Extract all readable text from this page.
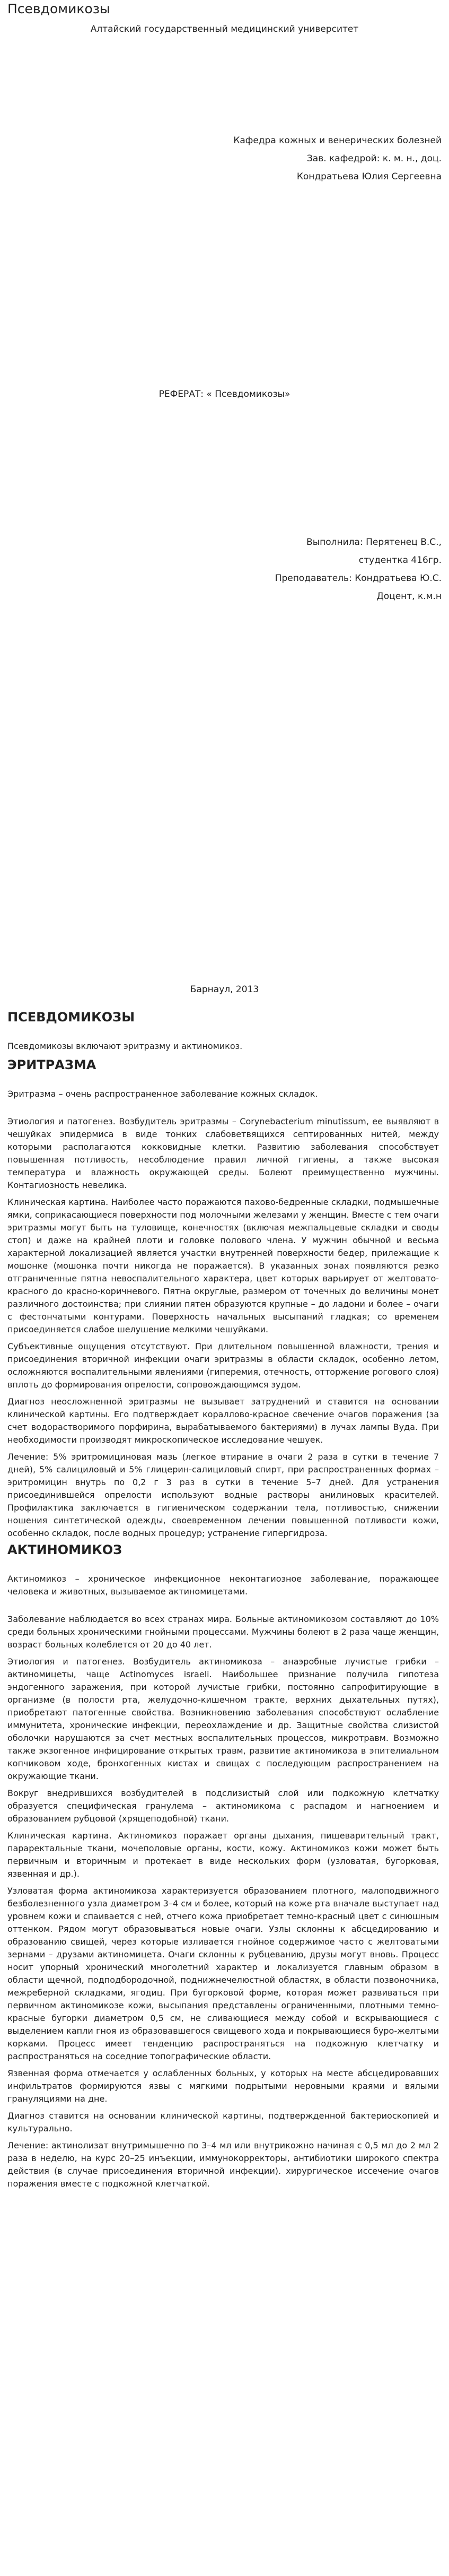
Псевдомикозы
Алтайский государственный медицинский университет
Кафедра кожных и венерических болезней
Зав. кафедрой: к. м. н., доц.
Кондратьева Юлия Сергеевна
РЕФЕРАТ: « Псевдомикозы»
Выполнила: Перятенец В.С.,
студентка 416гр.
Преподаватель: Кондратьева Ю.С.
Доцент, к.м.н
Барнаул, 2013
ПСЕВДОМИКОЗЫ

Псевдомикозы включают эритразму и актиномикоз.

ЭРИТРАЗМА

Эритразма – очень распространенное заболевание кожных складок.

Этиология и патогенез. Возбудитель эритразмы – Corynebacterium minutissum, ее выявляют в чешуйках эпидермиса в виде тонких слабоветвящихся септированных нитей, между которыми располагаются кокковидные клетки. Развитию заболевания способствует повышенная потливость, несоблюдение правил личной гигиены, а также высокая температура и влажность окружающей среды. Болеют преимущественно мужчины. Контагиозность невелика.

Клиническая картина. Наиболее часто поражаются пахово-бедренные складки, подмышечные ямки, соприкасающиеся поверхности под молочными железами у женщин. Вместе с тем очаги эритразмы могут быть на туловище, конечностях (включая межпальцевые складки и своды стоп) и даже на крайней плоти и головке полового члена. У мужчин обычной и весьма характерной локализацией является участки внутренней поверхности бедер, прилежащие к мошонке (мошонка почти никогда не поражается). В указанных зонах появляются резко отграниченные пятна невоспалительного характера, цвет которых варьирует от желтовато-красного до красно-коричневого. Пятна округлые, размером от точечных до величины монет различного достоинства; при слиянии пятен образуются крупные – до ладони и более – очаги с фестончатыми контурами. Поверхность начальных высыпаний гладкая; со временем присоединяется слабое шелушение мелкими чешуйками.

Субъективные ощущения отсутствуют. При длительном повышенной влажности, трения и присоединения вторичной инфекции очаги эритразмы в области складок, особенно летом, осложняются воспалительными явлениями (гиперемия, отечность, отторжение рогового слоя) вплоть до формирования опрелости, сопровождающимся зудом.

Диагноз неосложненной эритразмы не вызывает затруднений и ставится на основании клинической картины. Его подтверждает кораллово-красное свечение очагов поражения (за счет водорастворимого порфирина, вырабатываемого бактериями) в лучах лампы Вуда. При необходимости производят микроскопическое исследование чешуек.

Лечение: 5% эритромициновая мазь (легкое втирание в очаги 2 раза в сутки в течение 7 дней), 5% салициловый и 5% глицерин-салициловый спирт, при распространенных формах – эритромицин внутрь по 0,2 г 3 раз в сутки в течение 5–7 дней. Для устранения присоединившейся опрелости используют водные растворы анилиновых красителей. Профилактика заключается в гигиеническом содержании тела, потливостью, снижении ношения синтетической одежды, своевременном лечении повышенной потливости кожи, особенно складок, после водных процедур; устранение гипергидроза.

АКТИНОМИКОЗ

Актиномикоз – хроническое инфекционное неконтагиозное заболевание, поражающее человека и животных, вызываемое актиномицетами.

Заболевание наблюдается во всех странах мира. Больные актиномикозом составляют до 10% среди больных хроническими гнойными процессами. Мужчины болеют в 2 раза чаще женщин, возраст больных колеблется от 20 до 40 лет.

Этиология и патогенез. Возбудитель актиномикоза – анаэробные лучистые грибки – актиномицеты, чаще Actinomyces israeli. Наибольшее признание получила гипотеза эндогенного заражения, при которой лучистые грибки, постоянно сапрофитирующие в организме (в полости рта, желудочно-кишечном тракте, верхних дыхательных путях), приобретают патогенные свойства. Возникновению заболевания способствуют ослабление иммунитета, хронические инфекции, переохлаждение и др. Защитные свойства слизистой оболочки нарушаются за счет местных воспалительных процессов, микротравм. Возможно также экзогенное инфицирование открытых травм, развитие актиномикоза в эпителиальном копчиковом ходе, бронхогенных кистах и свищах с последующим распространением на окружающие ткани.

Вокруг внедрившихся возбудителей в подслизистый слой или подкожную клетчатку образуется специфическая гранулема – актиномикома с распадом и нагноением и образованием рубцовой (хрящеподобной) ткани.

Клиническая картина. Актиномикоз поражает органы дыхания, пищеварительный тракт, параректальные ткани, мочеполовые органы, кости, кожу. Актиномикоз кожи может быть первичным и вторичным и протекает в виде нескольких форм (узловатая, бугорковая, язвенная и др.).

Узловатая форма актиномикоза характеризуется образованием плотного, малоподвижного безболезненного узла диаметром 3–4 см и более, который на коже рта вначале выступает над уровнем кожи и спаивается с ней, отчего кожа приобретает темно-красный цвет с синюшным оттенком. Рядом могут образовываться новые очаги. Узлы склонны к абсцедированию и образованию свищей, через которые изливается гнойное содержимое часто с желтоватыми зернами – друзами актиномицета. Очаги склонны к рубцеванию, друзы могут вновь. Процесс носит упорный хронический многолетний характер и локализуется главным образом в области щечной, подподбородочной, поднижнечелюстной областях, в области позвоночника, межреберной складками, ягодиц. При бугорковой форме, которая может развиваться при первичном актиномикозе кожи, высыпания представлены ограниченными, плотными темно-красные бугорки диаметром 0,5 см, не сливающиеся между собой и вскрывающиеся с выделением капли гноя из образовавшегося свищевого хода и покрывающиеся буро-желтыми корками. Процесс имеет тенденцию распространяться на подкожную клетчатку и распространяться на соседние топографические области.

Язвенная форма отмечается у ослабленных больных, у которых на месте абсцедировавших инфильтратов формируются язвы с мягкими подрытыми неровными краями и вялыми грануляциями на дне.

Диагноз ставится на основании клинической картины, подтвержденной бактериоскопией и культурально.

Лечение: актинолизат внутримышечно по 3–4 мл или внутрикожно начиная с 0,5 мл до 2 мл 2 раза в неделю, на курс 20–25 инъекции, иммунокорректоры, антибиотики широкого спектра действия (в случае присоединения вторичной инфекции). хирургическое иссечение очагов поражения вместе с подкожной клетчаткой.
